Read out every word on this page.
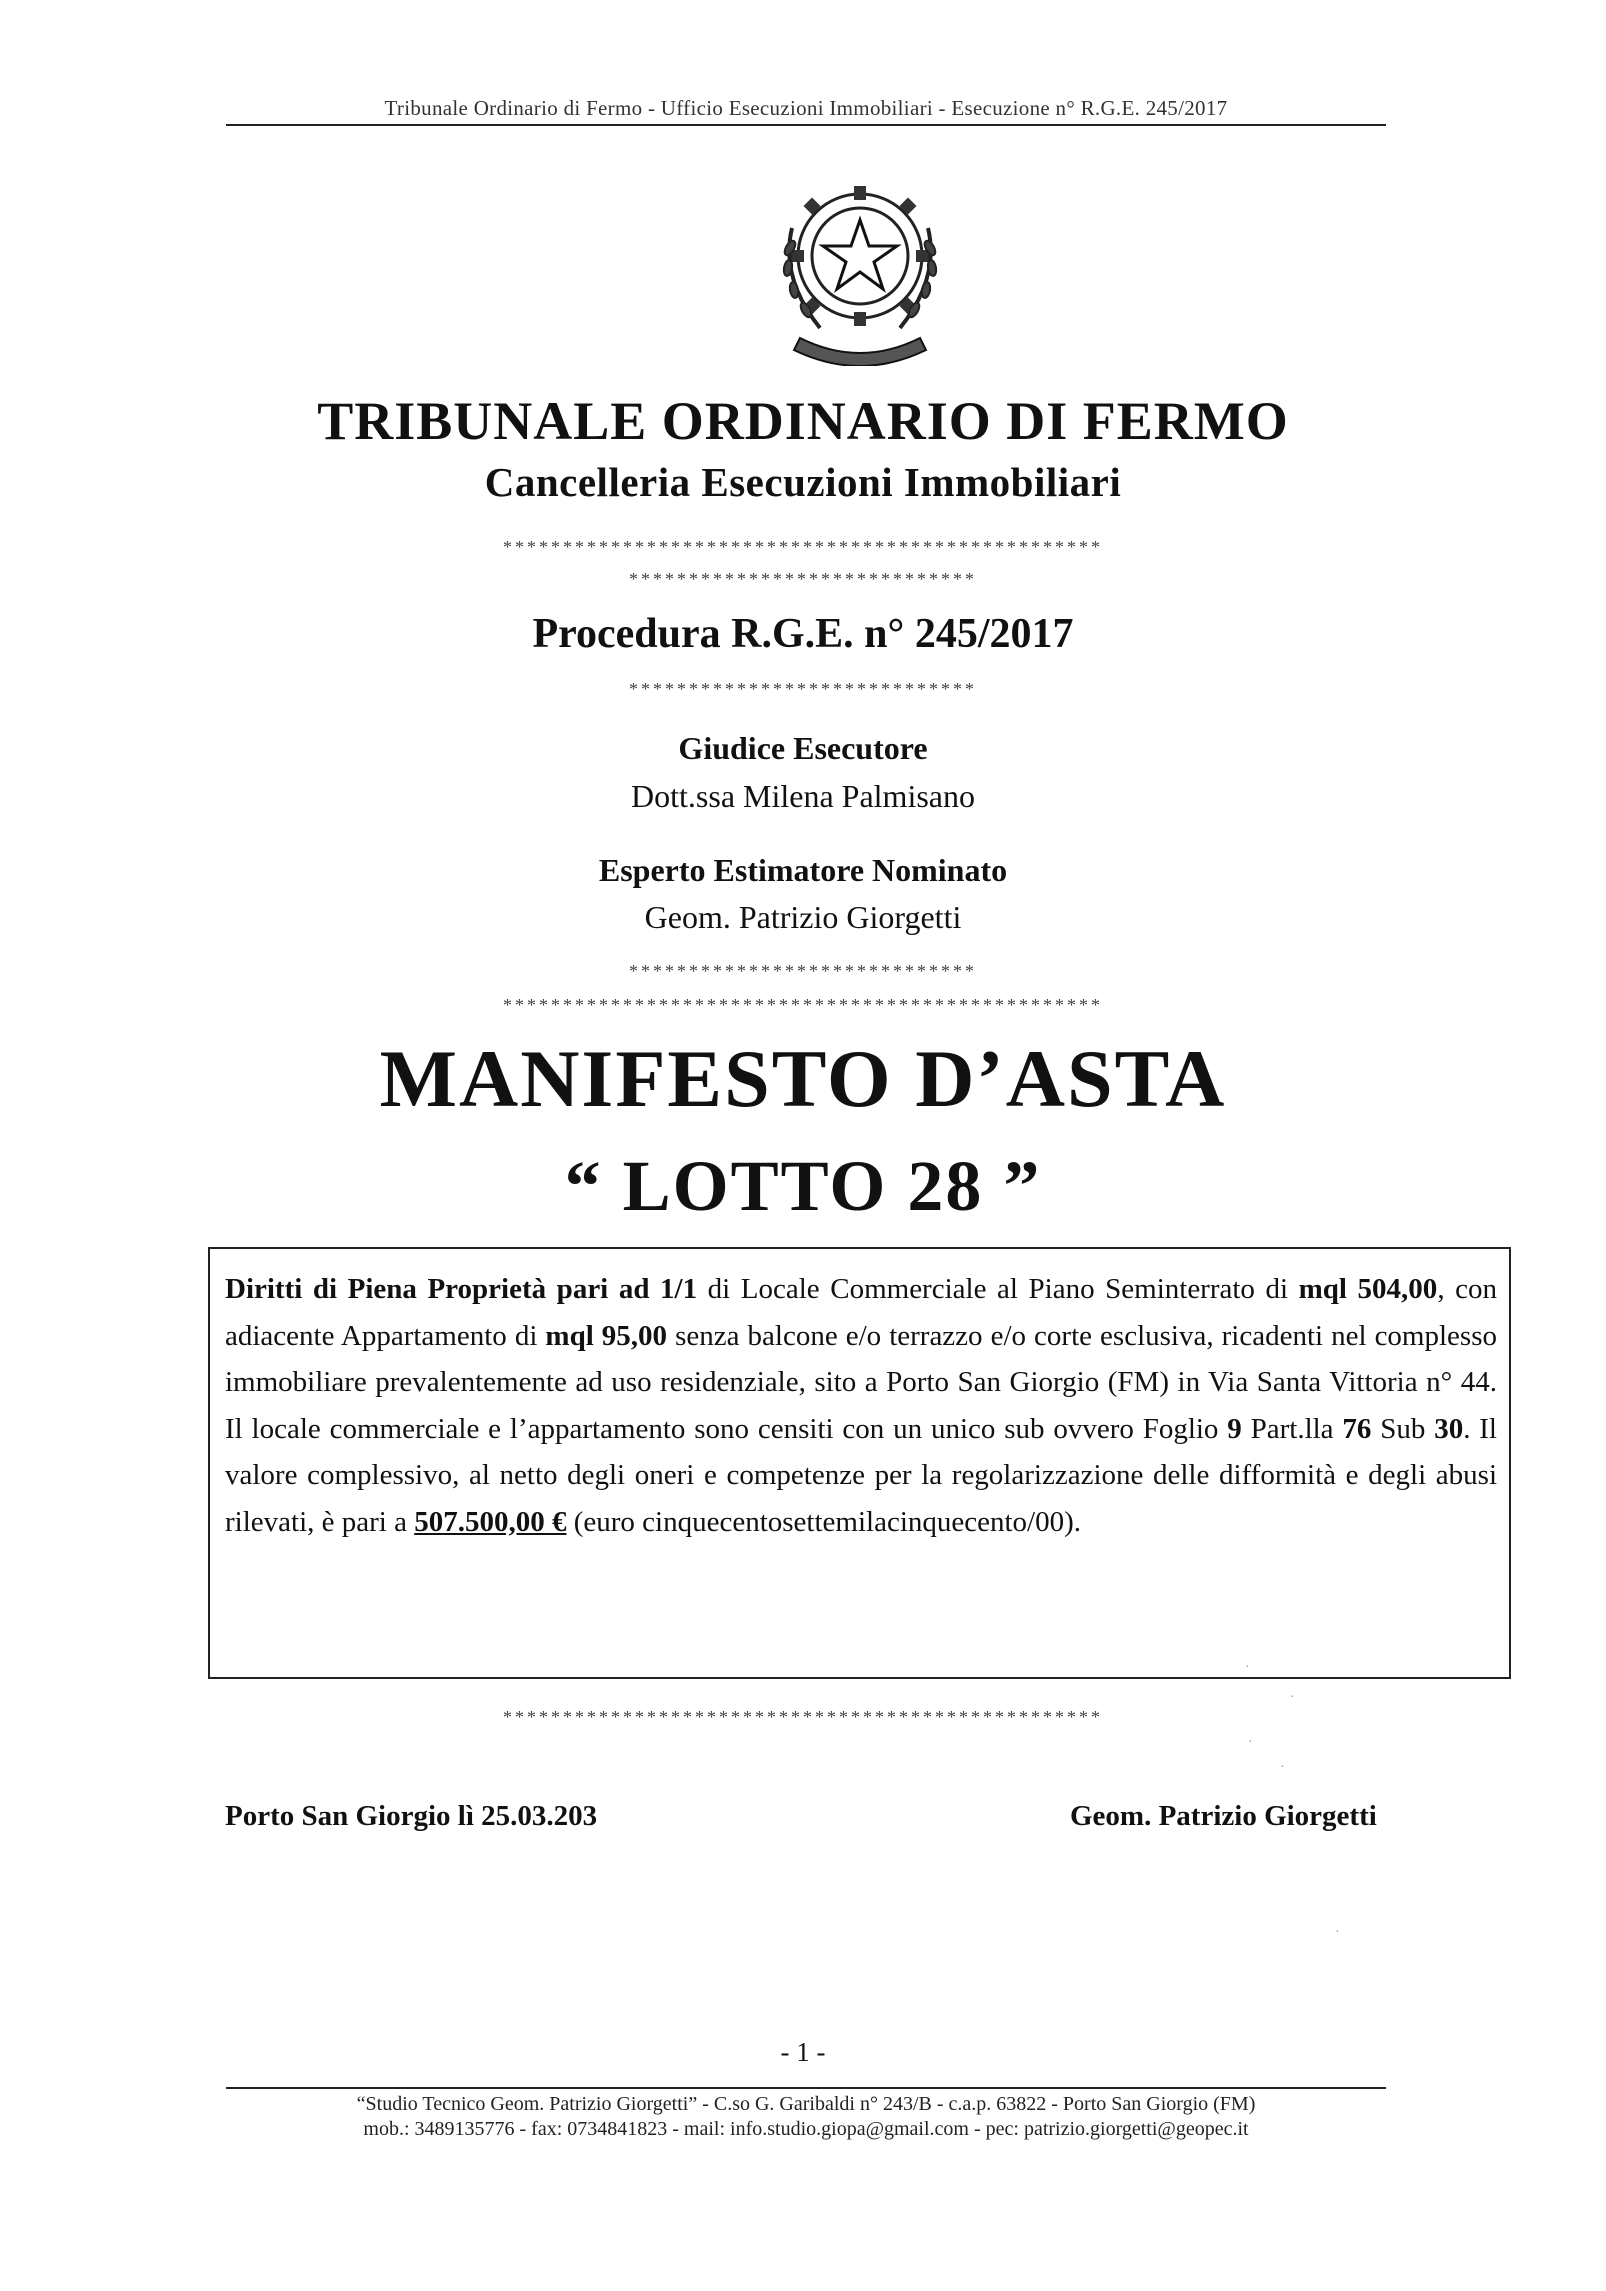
Tribunale Ordinario di Fermo - Ufficio Esecuzioni Immobiliari - Esecuzione n° R.G.E. 245/2017
TRIBUNALE ORDINARIO DI FERMO
Cancelleria Esecuzioni Immobiliari
**************************************************
*****************************
Procedura R.G.E. n° 245/2017
*****************************
Giudice Esecutore
Dott.ssa Milena Palmisano
Esperto Estimatore Nominato
Geom. Patrizio Giorgetti
*****************************
**************************************************
MANIFESTO D’ASTA
“ LOTTO 28 ”
Diritti di Piena Proprietà pari ad 1/1 di Locale Commerciale al Piano Seminterrato di mql 504,00, con adiacente Appartamento di mql 95,00 senza balcone e/o terrazzo e/o corte esclusiva, ricadenti nel complesso immobiliare prevalentemente ad uso residenziale, sito a Porto San Giorgio (FM) in Via Santa Vittoria n° 44. Il locale commerciale e l’appartamento sono censiti con un unico sub ovvero Foglio 9 Part.lla 76 Sub 30. Il valore complessivo, al netto degli oneri e competenze per la regolarizzazione delle difformità e degli abusi rilevati, è pari a 507.500,00 € (euro cinquecentosettemilacinquecento/00).
**************************************************
Porto San Giorgio lì 25.03.203	Geom. Patrizio Giorgetti
- 1 -
“Studio Tecnico Geom. Patrizio Giorgetti” - C.so G. Garibaldi n° 243/B - c.a.p. 63822 - Porto San Giorgio (FM)
mob.: 3489135776 - fax: 0734841823 - mail: info.studio.giopa@gmail.com - pec: patrizio.giorgetti@geopec.it
·
·
·
·
·
